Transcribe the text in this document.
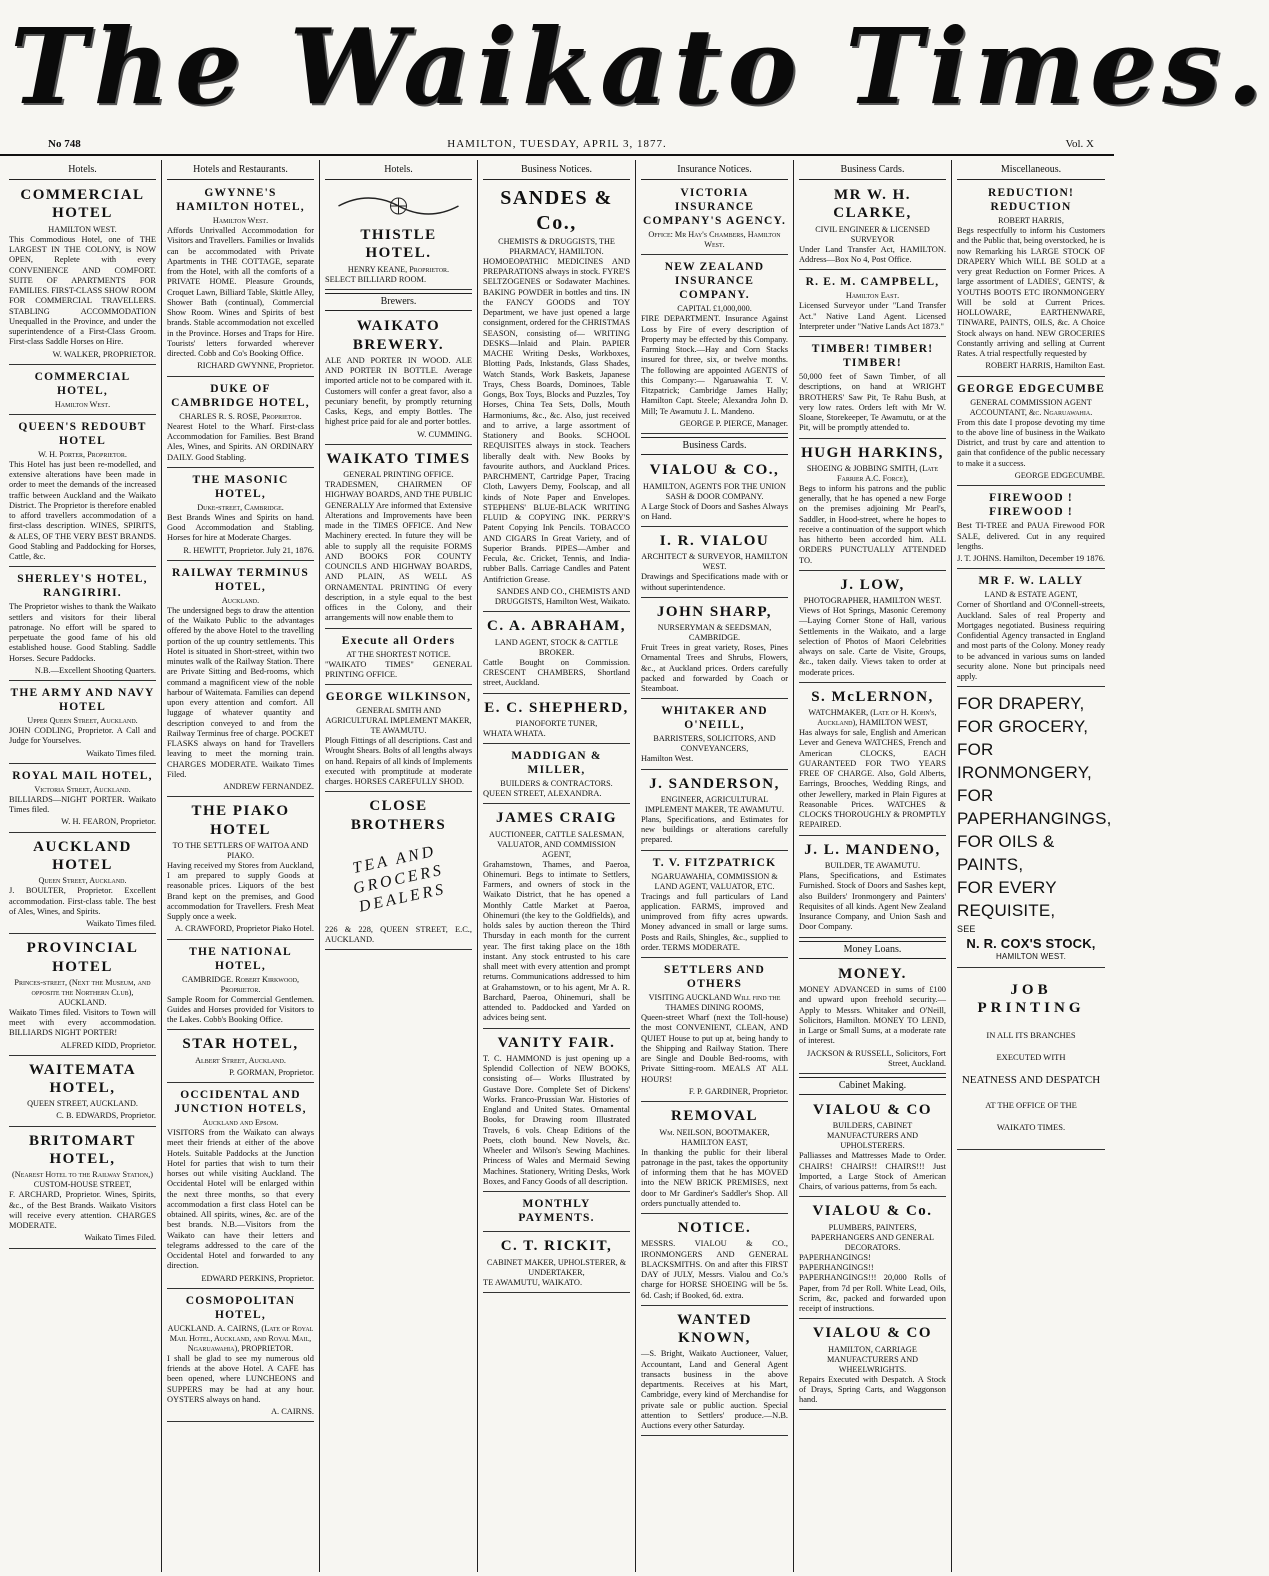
The Waikato Times.
No 748	HAMILTON, TUESDAY, APRIL 3, 1877.	Vol. X
Hotels.
COMMERCIAL HOTEL
HAMILTON WEST.
This Commodious Hotel, one of THE LARGEST IN THE COLONY, is NOW OPEN, Replete with every CONVENIENCE AND COMFORT. SUITE OF APARTMENTS FOR FAMILIES. FIRST-CLASS SHOW ROOM FOR COMMERCIAL TRAVELLERS. STABLING ACCOMMODATION Unequalled in the Province, and under the superintendence of a First-Class Groom. First-class Saddle Horses on Hire.
W. WALKER, PROPRIETOR.
COMMERCIAL HOTEL,
Hamilton West.
QUEEN'S REDOUBT HOTEL
W. H. Porter, Proprietor.
This Hotel has just been re-modelled, and extensive alterations have been made in order to meet the demands of the increased traffic between Auckland and the Waikato District. The Proprietor is therefore enabled to afford travellers accommodation of a first-class description. WINES, SPIRITS, & ALES, OF THE VERY BEST BRANDS. Good Stabling and Paddocking for Horses, Cattle, &c.
SHERLEY'S HOTEL, RANGIRIRI.
The Proprietor wishes to thank the Waikato settlers and visitors for their liberal patronage. No effort will be spared to perpetuate the good fame of his old established house. Good Stabling. Saddle Horses. Secure Paddocks.
N.B.—Excellent Shooting Quarters.
THE ARMY AND NAVY HOTEL
Upper Queen Street, Auckland.
JOHN CODLING, Proprietor. A Call and Judge for Yourselves.
Waikato Times filed.
ROYAL MAIL HOTEL,
Victoria Street, Auckland.
BILLIARDS—NIGHT PORTER. Waikato Times filed.
W. H. FEARON, Proprietor.
AUCKLAND HOTEL
Queen Street, Auckland.
J. BOULTER, Proprietor. Excellent accommodation. First-class table. The best of Ales, Wines, and Spirits.
Waikato Times filed.
PROVINCIAL HOTEL
Princes-street, (Next the Museum, and opposite the Northern Club), AUCKLAND.
Waikato Times filed. Visitors to Town will meet with every accommodation. BILLIARDS NIGHT PORTER!
ALFRED KIDD, Proprietor.
WAITEMATA HOTEL,
QUEEN STREET, AUCKLAND.
C. B. EDWARDS, Proprietor.
BRITOMART HOTEL,
(Nearest Hotel to the Railway Station,) CUSTOM-HOUSE STREET,
F. ARCHARD, Proprietor. Wines, Spirits, &c., of the Best Brands. Waikato Visitors will receive every attention. CHARGES MODERATE.
Waikato Times Filed.
Hotels and Restaurants.
GWYNNE'S HAMILTON HOTEL,
Hamilton West.
Affords Unrivalled Accommodation for Visitors and Travellers. Families or Invalids can be accommodated with Private Apartments in THE COTTAGE, separate from the Hotel, with all the comforts of a PRIVATE HOME. Pleasure Grounds, Croquet Lawn, Billiard Table, Skittle Alley, Shower Bath (continual), Commercial Show Room. Wines and Spirits of best brands. Stable accommodation not excelled in the Province. Horses and Traps for Hire. Tourists' letters forwarded wherever directed. Cobb and Co's Booking Office.
RICHARD GWYNNE, Proprietor.
DUKE OF CAMBRIDGE HOTEL,
CHARLES R. S. ROSE, Proprietor.
Nearest Hotel to the Wharf. First-class Accommodation for Families. Best Brand Ales, Wines, and Spirits. AN ORDINARY DAILY. Good Stabling.
THE MASONIC HOTEL,
Duke-street, Cambridge.
Best Brands Wines and Spirits on hand. Good Accommodation and Stabling. Horses for hire at Moderate Charges.
R. HEWITT, Proprietor. July 21, 1876.
RAILWAY TERMINUS HOTEL,
Auckland.
The undersigned begs to draw the attention of the Waikato Public to the advantages offered by the above Hotel to the travelling portion of the up country settlements. This Hotel is situated in Short-street, within two minutes walk of the Railway Station. There are Private Sitting and Bed-rooms, which command a magnificent view of the noble harbour of Waitemata. Families can depend upon every attention and comfort. All luggage of whatever quantity and description conveyed to and from the Railway Terminus free of charge. POCKET FLASKS always on hand for Travellers leaving to meet the morning train. CHARGES MODERATE. Waikato Times Filed.
ANDREW FERNANDEZ.
THE PIAKO HOTEL
TO THE SETTLERS OF WAITOA AND PIAKO.
Having received my Stores from Auckland, I am prepared to supply Goods at reasonable prices. Liquors of the best Brand kept on the premises, and Good accommodation for Travellers. Fresh Meat Supply once a week.
A. CRAWFORD, Proprietor Piako Hotel.
THE NATIONAL HOTEL,
CAMBRIDGE. Robert Kirkwood, Proprietor.
Sample Room for Commercial Gentlemen. Guides and Horses provided for Visitors to the Lakes. Cobb's Booking Office.
STAR HOTEL,
Albert Street, Auckland.
P. GORMAN, Proprietor.
OCCIDENTAL AND JUNCTION HOTELS,
Auckland and Epsom.
VISITORS from the Waikato can always meet their friends at either of the above Hotels. Suitable Paddocks at the Junction Hotel for parties that wish to turn their horses out while visiting Auckland. The Occidental Hotel will be enlarged within the next three months, so that every accommodation a first class Hotel can be obtained. All spirits, wines, &c. are of the best brands. N.B.—Visitors from the Waikato can have their letters and telegrams addressed to the care of the Occidental Hotel and forwarded to any direction.
EDWARD PERKINS, Proprietor.
COSMOPOLITAN HOTEL,
AUCKLAND. A. CAIRNS, (Late of Royal Mail Hotel, Auckland, and Royal Mail, Ngaruawahia), PROPRIETOR.
I shall be glad to see my numerous old friends at the above Hotel. A CAFE has been opened, where LUNCHEONS and SUPPERS may be had at any hour. OYSTERS always on hand.
A. CAIRNS.
Hotels.
THISTLE HOTEL.
HENRY KEANE, Proprietor.
SELECT BILLIARD ROOM.
Brewers.
WAIKATO BREWERY.
ALE AND PORTER IN WOOD. ALE AND PORTER IN BOTTLE. Average imported article not to be compared with it. Customers will confer a great favor, also a pecuniary benefit, by promptly returning Casks, Kegs, and empty Bottles. The highest price paid for ale and porter bottles.
W. CUMMING.
WAIKATO TIMES
GENERAL PRINTING OFFICE.
TRADESMEN, CHAIRMEN OF HIGHWAY BOARDS, AND THE PUBLIC GENERALLY Are informed that Extensive Alterations and Improvements have been made in the TIMES OFFICE. And New Machinery erected. In future they will be able to supply all the requisite FORMS AND BOOKS FOR COUNTY COUNCILS AND HIGHWAY BOARDS, AND PLAIN, AS WELL AS ORNAMENTAL PRINTING Of every description, in a style equal to the best offices in the Colony, and their arrangements will now enable them to
Execute all Orders
AT THE SHORTEST NOTICE.
"WAIKATO TIMES" GENERAL PRINTING OFFICE.
GEORGE WILKINSON,
GENERAL SMITH AND AGRICULTURAL IMPLEMENT MAKER, TE AWAMUTU.
Plough Fittings of all descriptions. Cast and Wrought Shears. Bolts of all lengths always on hand. Repairs of all kinds of Implements executed with promptitude at moderate charges. HORSES CAREFULLY SHOD.
CLOSE BROTHERS
TEA AND GROCERS DEALERS
226 & 228, QUEEN STREET, E.C., AUCKLAND.
Business Notices.
SANDES & Co.,
CHEMISTS & DRUGGISTS, THE PHARMACY, HAMILTON.
HOMOEOPATHIC MEDICINES AND PREPARATIONS always in stock. FYRE'S SELTZOGENES or Sodawater Machines. BAKING POWDER in bottles and tins. IN the FANCY GOODS and TOY Department, we have just opened a large consignment, ordered for the CHRISTMAS SEASON, consisting of— WRITING DESKS—Inlaid and Plain. PAPIER MACHE Writing Desks, Workboxes, Blotting Pads, Inkstands, Glass Shades, Watch Stands, Work Baskets, Japanese Trays, Chess Boards, Dominoes, Table Gongs, Box Toys, Blocks and Puzzles, Toy Horses, China Tea Sets, Dolls, Mouth Harmoniums, &c., &c. Also, just received and to arrive, a large assortment of Stationery and Books. SCHOOL REQUISITES always in stock. Teachers liberally dealt with. New Books by favourite authors, and Auckland Prices. PARCHMENT, Cartridge Paper, Tracing Cloth, Lawyers Demy, Foolscap, and all kinds of Note Paper and Envelopes. STEPHENS' BLUE-BLACK WRITING FLUID & COPYING INK. PERRY'S Patent Copying Ink Pencils. TOBACCO AND CIGARS In Great Variety, and of Superior Brands. PIPES—Amber and Fecula, &c. Cricket, Tennis, and India-rubber Balls. Carriage Candles and Patent Antifriction Grease.
SANDES AND CO., CHEMISTS AND DRUGGISTS, Hamilton West, Waikato.
C. A. ABRAHAM,
LAND AGENT, STOCK & CATTLE BROKER.
Cattle Bought on Commission. CRESCENT CHAMBERS, Shortland street, Auckland.
E. C. SHEPHERD,
PIANOFORTE TUNER,
WHATA WHATA.
MADDIGAN & MILLER,
BUILDERS & CONTRACTORS.
QUEEN STREET, ALEXANDRA.
JAMES CRAIG
AUCTIONEER, CATTLE SALESMAN, VALUATOR, AND COMMISSION AGENT,
Grahamstown, Thames, and Paeroa, Ohinemuri. Begs to intimate to Settlers, Farmers, and owners of stock in the Waikato District, that he has opened a Monthly Cattle Market at Paeroa, Ohinemuri (the key to the Goldfields), and holds sales by auction thereon the Third Thursday in each month for the current year. The first taking place on the 18th instant. Any stock entrusted to his care shall meet with every attention and prompt returns. Communications addressed to him at Grahamstown, or to his agent, Mr A. R. Barchard, Paeroa, Ohinemuri, shall be attended to. Paddocked and Yarded on advices being sent.
VANITY FAIR.
T. C. HAMMOND is just opening up a Splendid Collection of NEW BOOKS, consisting of— Works Illustrated by Gustave Dore. Complete Set of Dickens' Works. Franco-Prussian War. Histories of England and United States. Ornamental Books, for Drawing room Illustrated Travels, 6 vols. Cheap Editions of the Poets, cloth bound. New Novels, &c. Wheeler and Wilson's Sewing Machines. Princess of Wales and Mermaid Sewing Machines. Stationery, Writing Desks, Work Boxes, and Fancy Goods of all description.
MONTHLY PAYMENTS.
C. T. RICKIT,
CABINET MAKER, UPHOLSTERER, & UNDERTAKER,
TE AWAMUTU, WAIKATO.
Insurance Notices.
VICTORIA INSURANCE COMPANY'S AGENCY.
Office: Mr Hay's Chambers, Hamilton West.
NEW ZEALAND INSURANCE COMPANY.
CAPITAL £1,000,000.
FIRE DEPARTMENT. Insurance Against Loss by Fire of every description of Property may be effected by this Company. Farming Stock.—Hay and Corn Stacks insured for three, six, or twelve months. The following are appointed AGENTS of this Company:— Ngaruawahia T. V. Fitzpatrick; Cambridge James Hally; Hamilton Capt. Steele; Alexandra John D. Mill; Te Awamutu J. L. Mandeno.
GEORGE P. PIERCE, Manager.
Business Cards.
VIALOU & CO.,
HAMILTON, AGENTS FOR THE UNION SASH & DOOR COMPANY.
A Large Stock of Doors and Sashes Always on Hand.
I. R. VIALOU
ARCHITECT & SURVEYOR, HAMILTON WEST.
Drawings and Specifications made with or without superintendence.
JOHN SHARP,
NURSERYMAN & SEEDSMAN, CAMBRIDGE.
Fruit Trees in great variety, Roses, Pines Ornamental Trees and Shrubs, Flowers, &c., at Auckland prices. Orders carefully packed and forwarded by Coach or Steamboat.
WHITAKER AND O'NEILL,
BARRISTERS, SOLICITORS, AND CONVEYANCERS,
Hamilton West.
J. SANDERSON,
ENGINEER, AGRICULTURAL IMPLEMENT MAKER, TE AWAMUTU.
Plans, Specifications, and Estimates for new buildings or alterations carefully prepared.
T. V. FITZPATRICK
NGARUAWAHIA, COMMISSION & LAND AGENT, VALUATOR, ETC.
Tracings and full particulars of Land application. FARMS, improved and unimproved from fifty acres upwards. Money advanced in small or large sums. Posts and Rails, Shingles, &c., supplied to order. TERMS MODERATE.
SETTLERS AND OTHERS
VISITING AUCKLAND Will find the THAMES DINING ROOMS,
Queen-street Wharf (next the Toll-house) the most CONVENIENT, CLEAN, AND QUIET House to put up at, being handy to the Shipping and Railway Station. There are Single and Double Bed-rooms, with Private Sitting-room. MEALS AT ALL HOURS!
F. P. GARDINER, Proprietor.
REMOVAL
Wm. NEILSON, BOOTMAKER, HAMILTON EAST,
In thanking the public for their liberal patronage in the past, takes the opportunity of informing them that he has MOVED into the NEW BRICK PREMISES, next door to Mr Gardiner's Saddler's Shop. All orders punctually attended to.
NOTICE.
MESSRS. VIALOU & CO., IRONMONGERS AND GENERAL BLACKSMITHS. On and after this FIRST DAY of JULY, Messrs. Vialou and Co.'s charge for HORSE SHOEING will be 5s. 6d. Cash; if Booked, 6d. extra.
WANTED KNOWN,
—S. Bright, Waikato Auctioneer, Valuer, Accountant, Land and General Agent transacts business in the above departments. Receives at his Mart, Cambridge, every kind of Merchandise for private sale or public auction. Special attention to Settlers' produce.—N.B. Auctions every other Saturday.
Business Cards.
MR W. H. CLARKE,
CIVIL ENGINEER & LICENSED SURVEYOR
Under Land Transfer Act, HAMILTON. Address—Box No 4, Post Office.
R. E. M. CAMPBELL,
Hamilton East.
Licensed Surveyor under "Land Transfer Act." Native Land Agent. Licensed Interpreter under "Native Lands Act 1873."
TIMBER! TIMBER! TIMBER!
50,000 feet of Sawn Timber, of all descriptions, on hand at WRIGHT BROTHERS' Saw Pit, Te Rahu Bush, at very low rates. Orders left with Mr W. Sloane, Storekeeper, Te Awamutu, or at the Pit, will be promptly attended to.
HUGH HARKINS,
SHOEING & JOBBING SMITH, (Late Farrier A.C. Force),
Begs to inform his patrons and the public generally, that he has opened a new Forge on the premises adjoining Mr Pearl's, Saddler, in Hood-street, where he hopes to receive a continuation of the support which has hitherto been accorded him. ALL ORDERS PUNCTUALLY ATTENDED TO.
J. LOW,
PHOTOGRAPHER, HAMILTON WEST.
Views of Hot Springs, Masonic Ceremony—Laying Corner Stone of Hall, various Settlements in the Waikato, and a large selection of Photos of Maori Celebrities always on sale. Carte de Visite, Groups, &c., taken daily. Views taken to order at moderate prices.
S. McLERNON,
WATCHMAKER, (Late of H. Kohn's, Auckland), HAMILTON WEST,
Has always for sale, English and American Lever and Geneva WATCHES, French and American CLOCKS, EACH GUARANTEED FOR TWO YEARS FREE OF CHARGE. Also, Gold Alberts, Earrings, Brooches, Wedding Rings, and other Jewellery, marked in Plain Figures at Reasonable Prices. WATCHES & CLOCKS THOROUGHLY & PROMPTLY REPAIRED.
J. L. MANDENO,
BUILDER, TE AWAMUTU.
Plans, Specifications, and Estimates Furnished. Stock of Doors and Sashes kept, also Builders' Ironmongery and Painters' Requisites of all kinds. Agent New Zealand Insurance Company, and Union Sash and Door Company.
Money Loans.
MONEY.
MONEY ADVANCED in sums of £100 and upward upon freehold security.—Apply to Messrs. Whitaker and O'Neill, Solicitors, Hamilton. MONEY TO LEND, in Large or Small Sums, at a moderate rate of interest.
JACKSON & RUSSELL, Solicitors, Fort Street, Auckland.
Cabinet Making.
VIALOU & CO
BUILDERS, CABINET MANUFACTURERS AND UPHOLSTERERS.
Palliasses and Mattresses Made to Order. CHAIRS! CHAIRS!! CHAIRS!!! Just Imported, a Large Stock of American Chairs, of various patterns, from 5s each.
VIALOU & Co.
PLUMBERS, PAINTERS, PAPERHANGERS AND GENERAL DECORATORS.
PAPERHANGINGS! PAPERHANGINGS!! PAPERHANGINGS!!! 20,000 Rolls of Paper, from 7d per Roll. White Lead, Oils, Scrim, &c, packed and forwarded upon receipt of instructions.
VIALOU & CO
HAMILTON, CARRIAGE MANUFACTURERS AND WHEELWRIGHTS.
Repairs Executed with Despatch. A Stock of Drays, Spring Carts, and Waggonson hand.
Miscellaneous.
REDUCTION! REDUCTION
ROBERT HARRIS,
Begs respectfully to inform his Customers and the Public that, being overstocked, he is now Remarking his LARGE STOCK OF DRAPERY Which WILL BE SOLD at a very great Reduction on Former Prices. A large assortment of LADIES', GENTS', & YOUTHS BOOTS ETC IRONMONGERY Will be sold at Current Prices. HOLLOWARE, EARTHENWARE, TINWARE, PAINTS, OILS, &c. A Choice Stock always on hand. NEW GROCERIES Constantly arriving and selling at Current Rates. A trial respectfully requested by
ROBERT HARRIS, Hamilton East.
GEORGE EDGECUMBE
GENERAL COMMISSION AGENT ACCOUNTANT, &c. Ngaruawahia.
From this date I propose devoting my time to the above line of business in the Waikato District, and trust by care and attention to gain that confidence of the public necessary to make it a success.
GEORGE EDGECUMBE.
FIREWOOD ! FIREWOOD !
Best TI-TREE and PAUA Firewood FOR SALE, delivered. Cut in any required lengths.
J. T. JOHNS. Hamilton, December 19 1876.
MR F. W. LALLY
LAND & ESTATE AGENT,
Corner of Shortland and O'Connell-streets, Auckland. Sales of real Property and Mortgages negotiated. Business requiring Confidential Agency transacted in England and most parts of the Colony. Money ready to be advanced in various sums on landed security alone. None but principals need apply.
FOR DRAPERY,
FOR GROCERY,
FOR IRONMONGERY,
FOR PAPERHANGINGS,
FOR OILS & PAINTS,
FOR EVERY REQUISITE,
SEE
N. R. COX'S STOCK,
HAMILTON WEST.
JOB PRINTING
IN ALL ITS BRANCHES
EXECUTED WITH
NEATNESS AND DESPATCH
AT THE OFFICE OF THE
WAIKATO TIMES.
